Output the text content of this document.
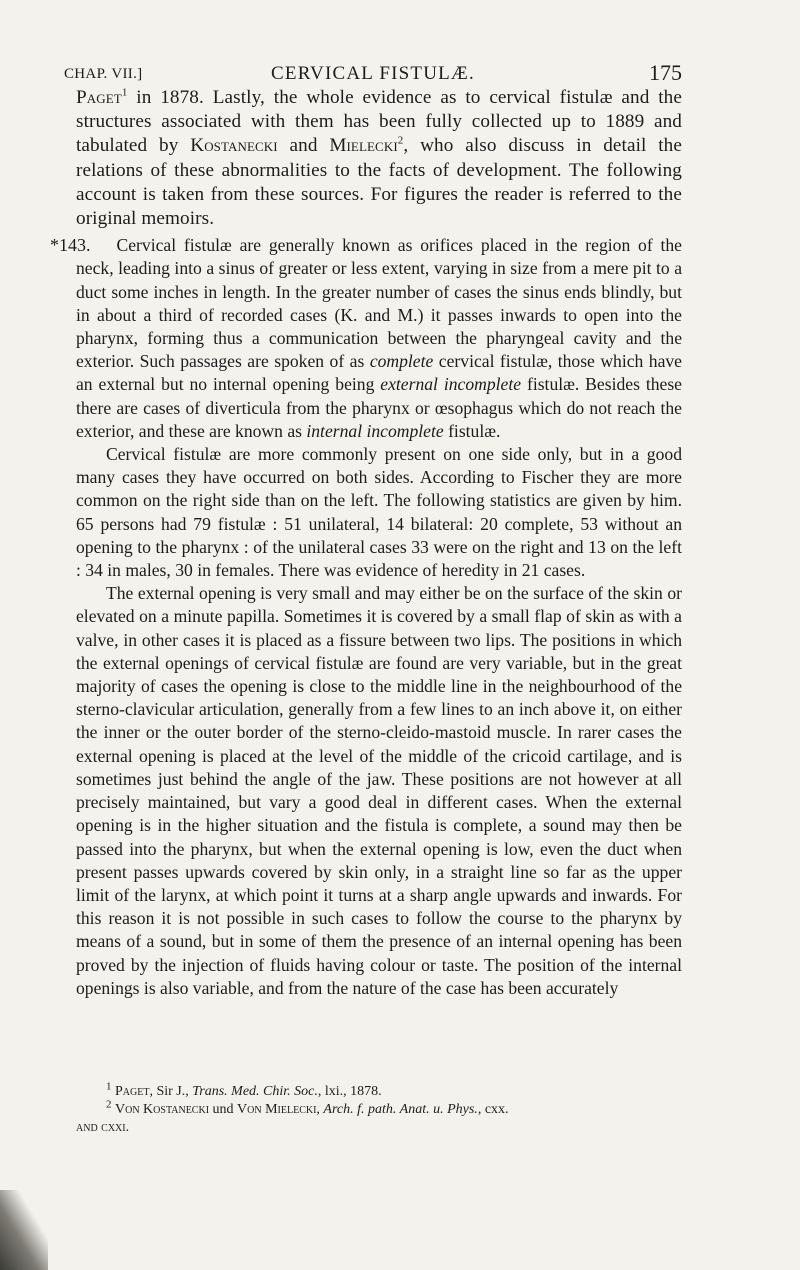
CHAP. VII.]	CERVICAL FISTULÆ.	175

Paget$^1$ in 1878. Lastly, the whole evidence as to cervical fistulæ and the structures associated with them has been fully collected up to 1889 and tabulated by Kostanecki and Mielecki$^2$, who also discuss in detail the relations of these abnormalities to the facts of development. The following account is taken from these sources. For figures the reader is referred to the original memoirs.

*143. Cervical fistulæ are generally known as orifices placed in the region of the neck, leading into a sinus of greater or less extent, varying in size from a mere pit to a duct some inches in length. In the greater number of cases the sinus ends blindly, but in about a third of recorded cases (K. and M.) it passes inwards to open into the pharynx, forming thus a communication between the pharyngeal cavity and the exterior. Such passages are spoken of as complete cervical fistulæ, those which have an external but no internal opening being external incomplete fistulæ. Besides these there are cases of diverticula from the pharynx or œsophagus which do not reach the exterior, and these are known as internal incomplete fistulæ.

Cervical fistulæ are more commonly present on one side only, but in a good many cases they have occurred on both sides. According to Fischer they are more common on the right side than on the left. The following statistics are given by him. 65 persons had 79 fistulæ : 51 unilateral, 14 bilateral: 20 complete, 53 without an opening to the pharynx : of the unilateral cases 33 were on the right and 13 on the left : 34 in males, 30 in females. There was evidence of heredity in 21 cases.

The external opening is very small and may either be on the surface of the skin or elevated on a minute papilla. Sometimes it is covered by a small flap of skin as with a valve, in other cases it is placed as a fissure between two lips. The positions in which the external openings of cervical fistulæ are found are very variable, but in the great majority of cases the opening is close to the middle line in the neighbourhood of the sterno-clavicular articulation, generally from a few lines to an inch above it, on either the inner or the outer border of the sterno-cleido-mastoid muscle. In rarer cases the external opening is placed at the level of the middle of the cricoid cartilage, and is sometimes just behind the angle of the jaw. These positions are not however at all precisely maintained, but vary a good deal in different cases. When the external opening is in the higher situation and the fistula is complete, a sound may then be passed into the pharynx, but when the external opening is low, even the duct when present passes upwards covered by skin only, in a straight line so far as the upper limit of the larynx, at which point it turns at a sharp angle upwards and inwards. For this reason it is not possible in such cases to follow the course to the pharynx by means of a sound, but in some of them the presence of an internal opening has been proved by the injection of fluids having colour or taste. The position of the internal openings is also variable, and from the nature of the case has been accurately

$^1$ Paget, Sir J., Trans. Med. Chir. Soc., lxi., 1878.

$^2$ Von Kostanecki und Von Mielecki, Arch. f. path. Anat. u. Phys., cxx.

and cxxi.
